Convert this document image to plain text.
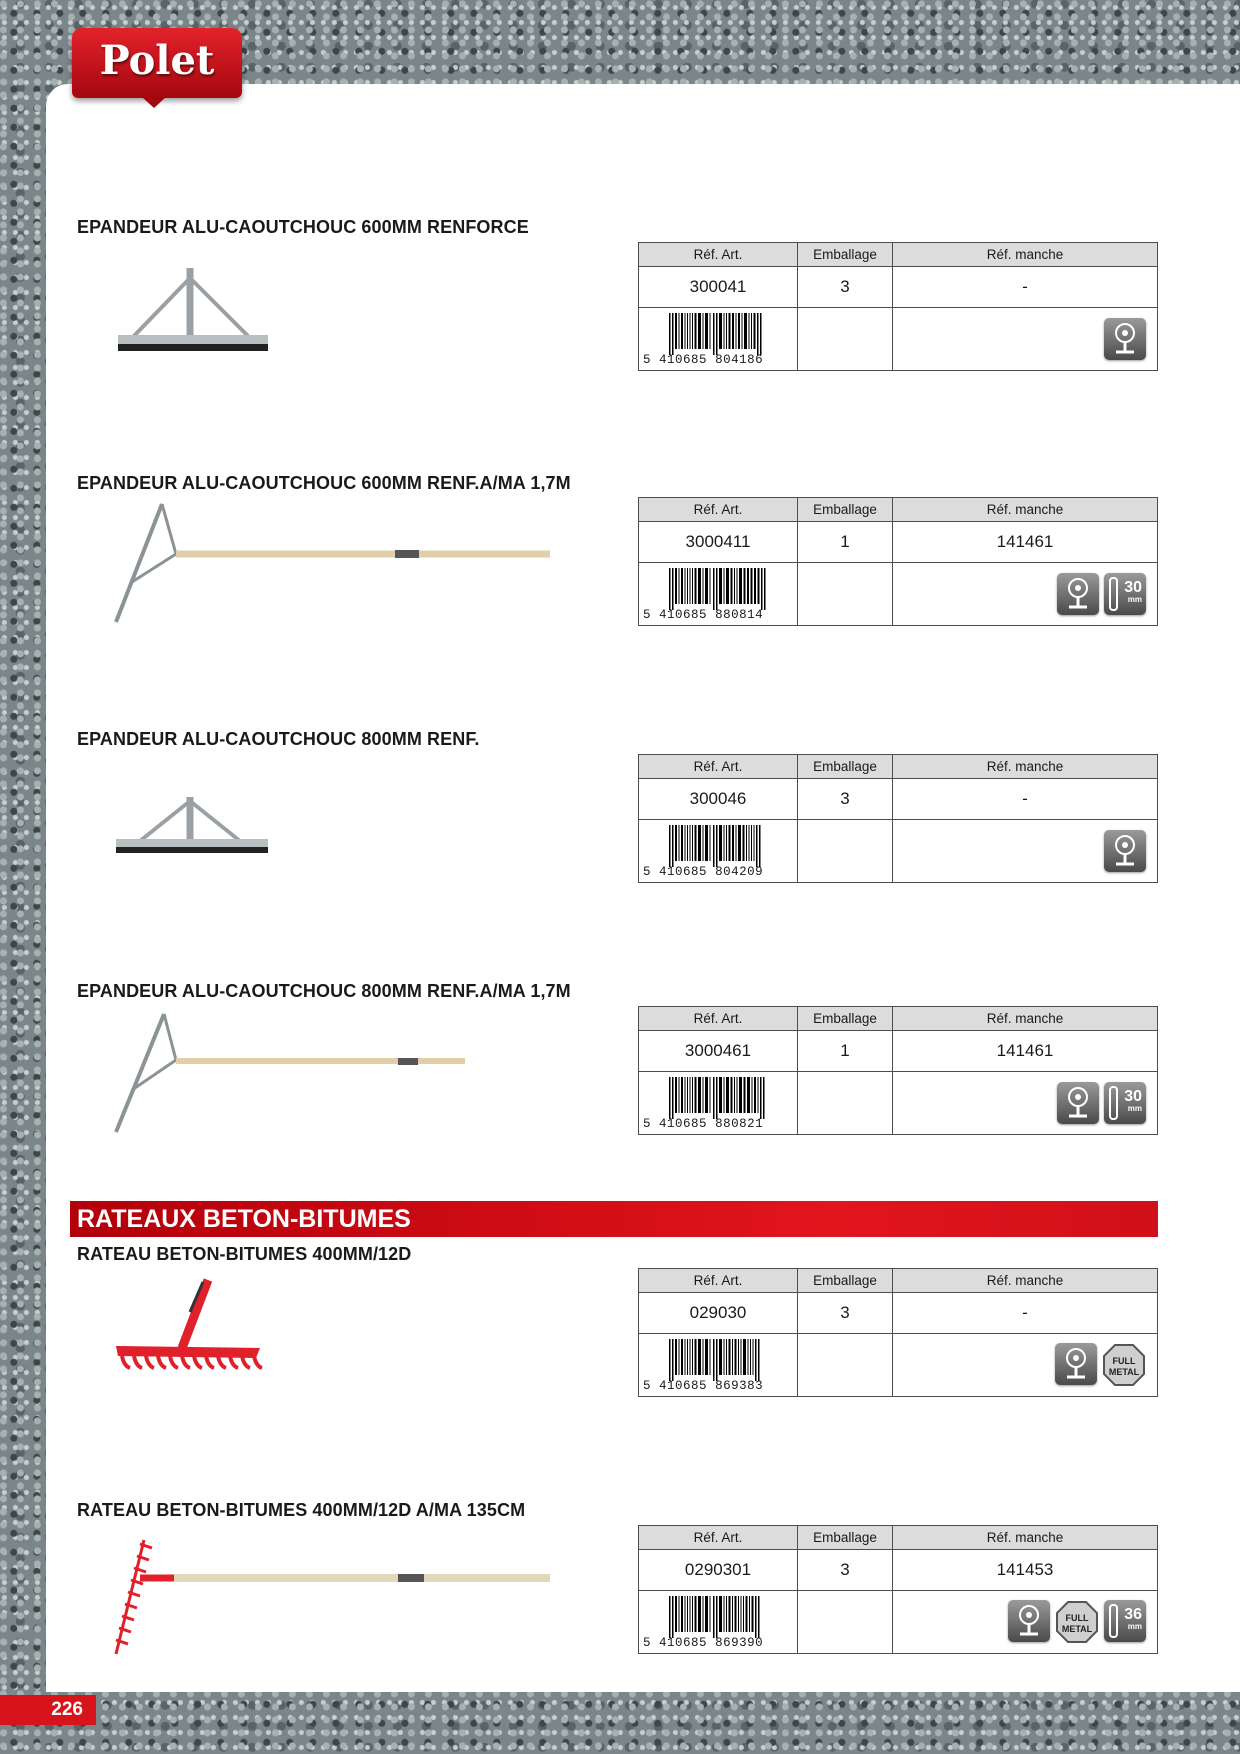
Polet
EPANDEUR ALU-CAOUTCHOUC 600MM RENFORCE
Réf. Art.	Emballage	Réf. manche
300041	3	-

5 410685 804186

EPANDEUR ALU-CAOUTCHOUC 600MM RENF.A/MA 1,7M
Réf. Art.	Emballage	Réf. manche
3000411	1	141461

5 410685 880814		30
mm
EPANDEUR ALU-CAOUTCHOUC 800MM RENF.
Réf. Art.	Emballage	Réf. manche
300046	3	-

5 410685 804209

EPANDEUR ALU-CAOUTCHOUC 800MM RENF.A/MA 1,7M
Réf. Art.	Emballage	Réf. manche
3000461	1	141461

5 410685 880821		30
mm
RATEAUX BETON-BITUMES
RATEAU BETON-BITUMES 400MM/12D
Réf. Art.	Emballage	Réf. manche
029030	3	-

5 410685 869383		FULL
METAL
RATEAU BETON-BITUMES 400MM/12D A/MA 135CM
Réf. Art.	Emballage	Réf. manche
0290301	3	141453

5 410685 869390		FULL
METAL
36
mm
226
